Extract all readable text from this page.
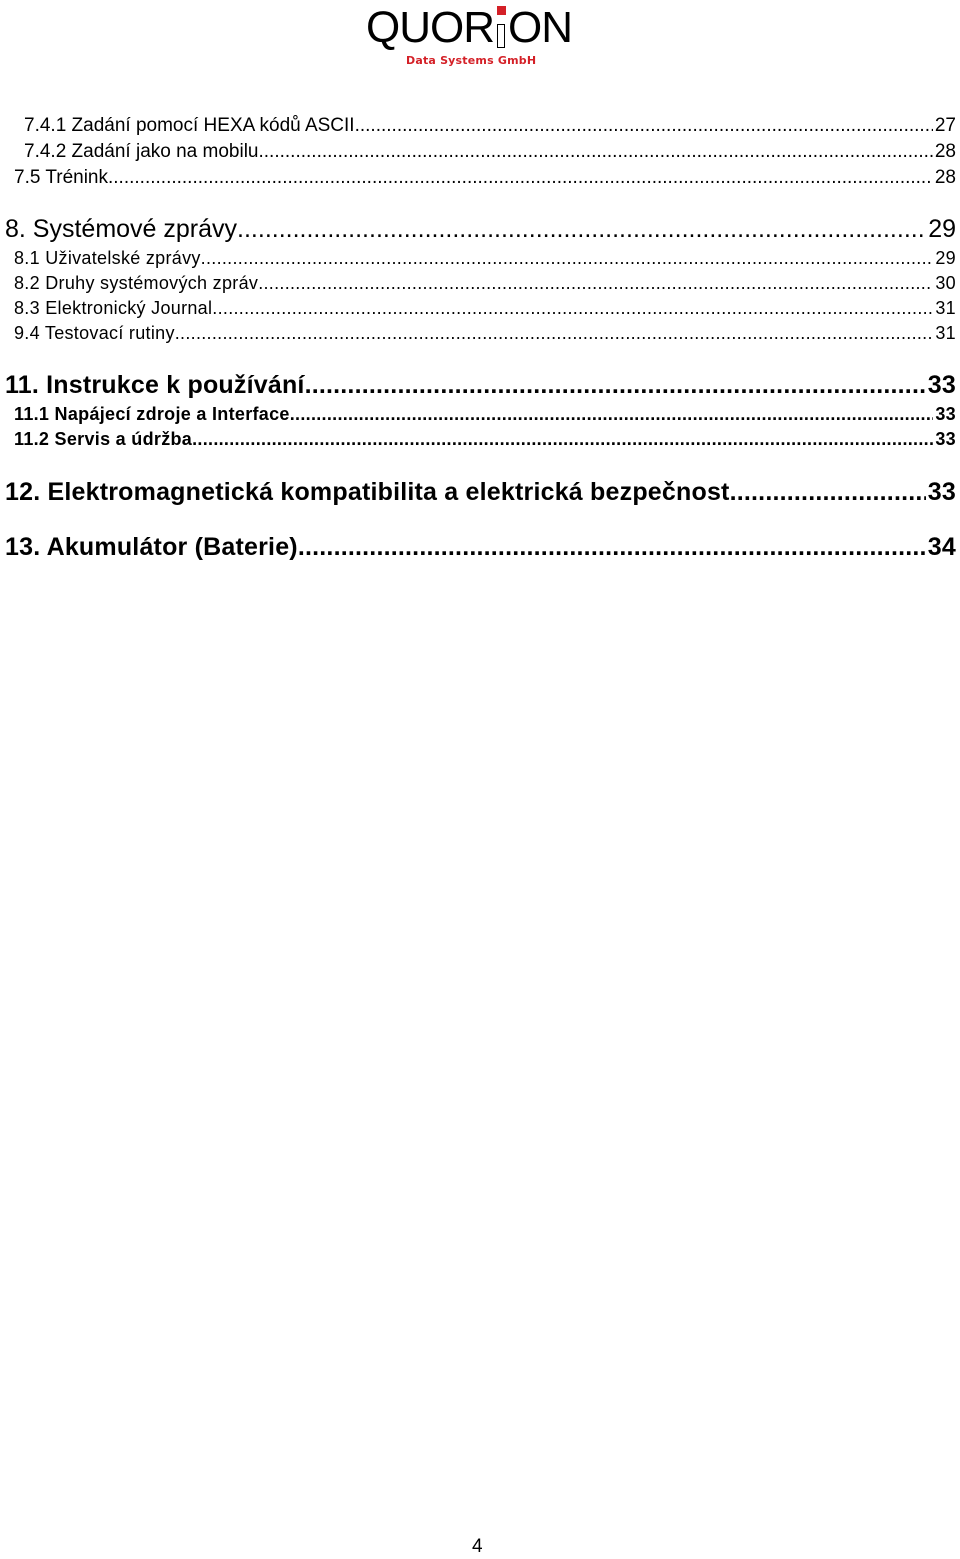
QUOR ON
Data Systems GmbH
7.4.1 Zadání pomocí HEXA kódů ASCII .....	27
7.4.2 Zadání jako na mobilu .....	28
7.5 Trénink .....	28
8. Systémové zprávy .....	29
8.1 Uživatelské zprávy .....	29
8.2 Druhy systémových zpráv .....	30
8.3 Elektronický Journal .....	31
9.4 Testovací rutiny .....	31
11. Instrukce k používání .....	33
11.1 Napájecí zdroje a Interface .....	33
11.2 Servis a údržba .....	33
12. Elektromagnetická kompatibilita a elektrická bezpečnost .....	33
13. Akumulátor (Baterie) .....	34
4
